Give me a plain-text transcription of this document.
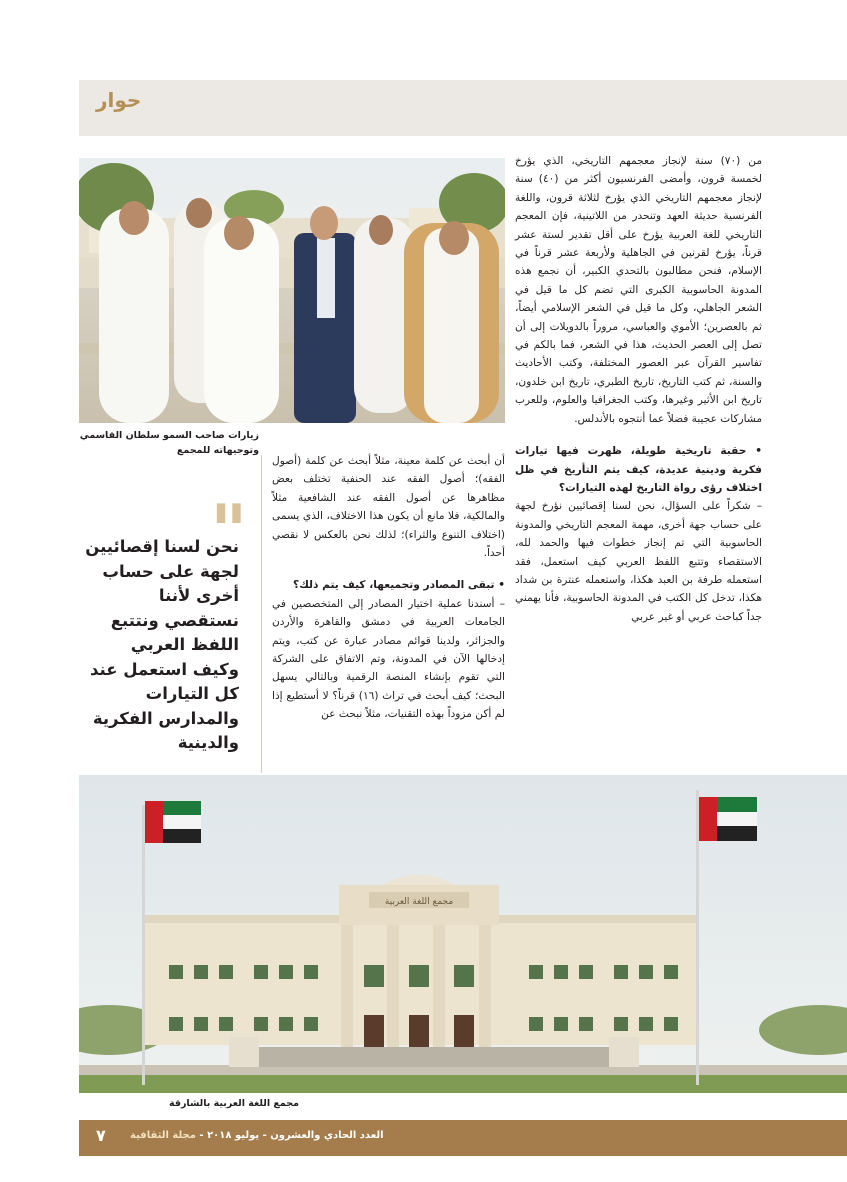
حوار
زيارات صاحب السمو سلطان القاسمي
وتوجيهاته للمجمع

من (٧٠) سنة لإنجاز معجمهم التاريخي، الذي يؤرخ لخمسة قرون، وأمضى الفرنسيون أكثر من (٤٠) سنة لإنجاز معجمهم التاريخي الذي يؤرخ لثلاثة قرون، واللغة الفرنسية حديثة العهد وتنحدر من اللاتينية، فإن المعجم التاريخي للغة العربية يؤرخ على أقل تقدير لستة عشر قرناً، يؤرخ لقرنين في الجاهلية ولأربعة عشر قرناً في الإسلام، فنحن مطالبون بالتحدي الكبير، أن نجمع هذه المدونة الحاسوبية الكبرى التي تضم كل ما قيل في الشعر الجاهلي، وكل ما قيل في الشعر الإسلامي أيضاً، ثم بالعصرين؛ الأموي والعباسي، مروراً بالدويلات إلى أن تصل إلى العصر الحديث، هذا في الشعر، فما بالكم في تفاسير القرآن عبر العصور المختلفة، وكتب الأحاديث والسنة، ثم كتب التاريخ، تاريخ الطبري، تاريخ ابن خلدون، تاريخ ابن الأثير وغيرها، وكتب الجغرافيا والعلوم، وللعرب مشاركات عجيبة فضلاً عما أنتجوه بالأندلس.

• حقبة تاريخية طويلة، ظهرت فيها تيارات فكرية ودينية عديدة، كيف يتم التأريخ في ظل اختلاف رؤى رواة التاريخ لهذه التيارات؟

– شكراً على السؤال، نحن لسنا إقصائيين نؤرخ لجهة على حساب جهة أخرى، مهمة المعجم التاريخي والمدونة الحاسوبية التي تم إنجاز خطوات فيها والحمد لله، الاستقصاء وتتبع اللفظ العربي كيف استعمل، فقد استعمله طرفة بن العبد هكذا، واستعمله عنترة بن شداد هكذا، تدخل كل الكتب في المدونة الحاسوبية، فأنا يهمني جداً كباحث عربي أو غير عربي

أن أبحث عن كلمة معينة، مثلاً أبحث عن كلمة (أصول الفقه)؛ أصول الفقه عند الحنفية تختلف بعض مظاهرها عن أصول الفقه عند الشافعية مثلاً والمالكية، فلا مانع أن يكون هذا الاختلاف، الذي يسمى (اختلاف التنوع والثراء)؛ لذلك نحن بالعكس لا نقصي أحداً.

• تبقى المصادر وتجميعها، كيف يتم ذلك؟

– أسندنا عملية اختيار المصادر إلى المتخصصين في الجامعات العربية في دمشق والقاهرة والأردن والجزائر، ولدينا قوائم مصادر عبارة عن كتب، ويتم إدخالها الآن في المدونة، وتم الاتفاق على الشركة التي تقوم بإنشاء المنصة الرقمية وبالتالي يسهل البحث؛ كيف أبحث في تراث (١٦) قرناً؟ لا أستطيع إذا لم أكن مزوداً بهذه التقنيات، مثلاً نبحث عن

"
نحن لسنا إقصائيين لجهة على حساب أخرى لأننا نستقصي ونتتبع اللفظ العربي وكيف استعمل عند كل التيارات والمدارس الفكرية والدينية
مجمع اللغة العربية
مجمع اللغة العربية بالشارقة
العدد الحادي والعشرون - يوليو ٢٠١٨ - مجلة الثقافية
٧
